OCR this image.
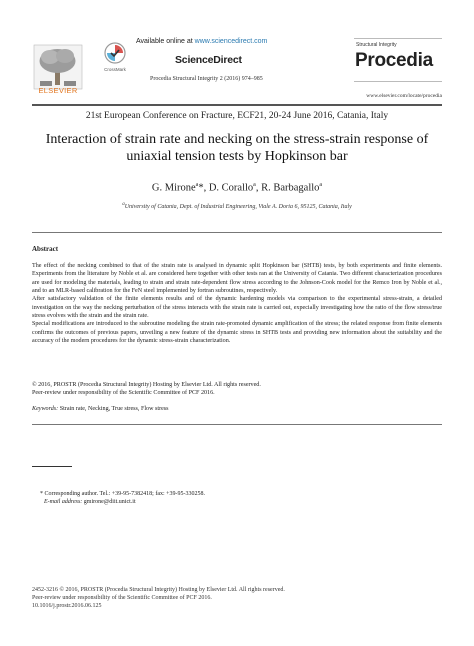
ELSEVIER
CrossMark
Available online at www.sciencedirect.com
ScienceDirect
Procedia Structural Integrity 2 (2016) 974–985
Structural Integrity
Procedia
www.elsevier.com/locate/procedia
21st European Conference on Fracture, ECF21, 20-24 June 2016, Catania, Italy
Interaction of strain rate and necking on the stress-strain response of
uniaxial tension tests by Hopkinson bar
G. Mirone$^a$*, D. Corallo$^a$, R. Barbagallo$^a$
$^a$University of Catania, Dept. of Industrial Engineering, Viale A. Doria 6, 95125, Catania, Italy
Abstract

The effect of the necking combined to that of the strain rate is analysed in dynamic split Hopkinson bar (SHTB) tests, by both experiments and finite elements. Experiments from the literature by Noble et al. are considered here together with other tests ran at the University of Catania. Two different characterization procedures are used for modeling the materials, leading to strain and strain rate-dependent flow stress according to the Johnson-Cook model for the Remco Iron by Noble et al., and to an MLR-based calibration for the FeN steel implemented by fortran subroutines, respectively.

After satisfactory validation of the finite elements results and of the dynamic hardening models via comparison to the experimental stress-strain, a detailed investigation on the way the necking perturbation of the stress interacts with the strain rate is carried out, expecially investigating how the ratio of the flow stress/true stress evolves with the strain and the strain rate.

Special modifications are introduced to the subroutine modeling the strain rate-promoted dynamic amplification of the stress; the related response from finite elements confirms the outcomes of previous papers, unveiling a new feature of the dynamic stress in SHTB tests and providing new information about the suitability and the accuracy of the modern procedures for the dynamic stress-strain characterization.

© 2016, PROSTR (Procedia Structural Integrity) Hosting by Elsevier Ltd. All rights reserved.

Peer-review under responsibility of the Scientific Committee of PCF 2016.

Keywords: Strain rate, Necking, True stress, Flow stress

* Corresponding author. Tel.: +39-95-7382418; fax: +39-95-330258.

E-mail address: gmirone@diit.unict.it

2452-3216 © 2016, PROSTR (Procedia Structural Integrity) Hosting by Elsevier Ltd. All rights reserved.

Peer-review under responsibility of the Scientific Committee of PCF 2016.

10.1016/j.prostr.2016.06.125
